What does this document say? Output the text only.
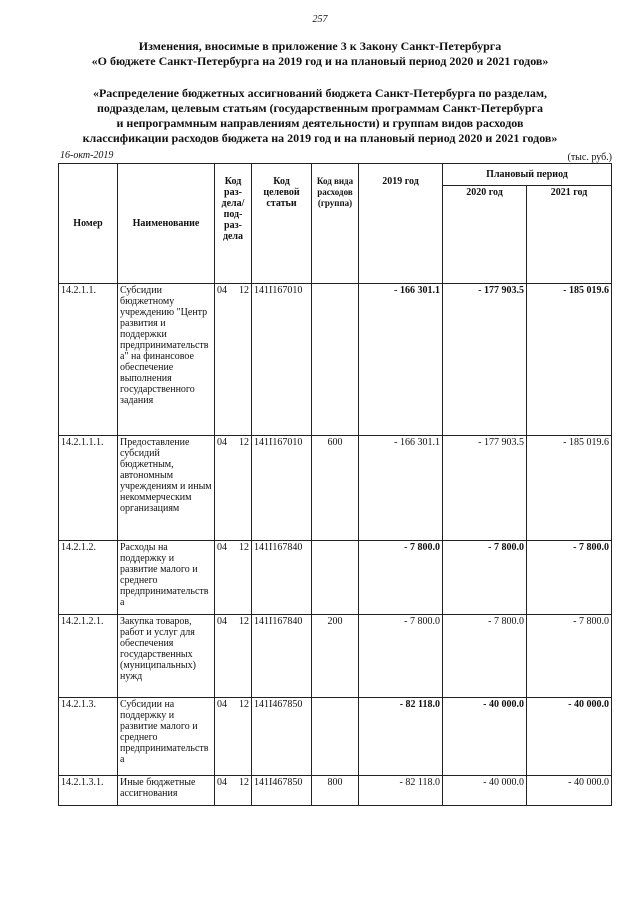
257
Изменения, вносимые в приложение 3 к Закону Санкт-Петербурга
«О бюджете Санкт-Петербурга на 2019 год и на плановый период 2020 и 2021 годов»
«Распределение бюджетных ассигнований бюджета Санкт-Петербурга по разделам,
подразделам, целевым статьям (государственным программам Санкт-Петербурга
и непрограммным направлениям деятельности) и группам видов расходов
классификации расходов бюджета на 2019 год и на плановый период 2020 и 2021 годов»
16-окт-2019	(тыс. руб.)
Номер	Наименование	Код раз-дела/ под-раз-дела	Код целевой статьи	Код вида расходов (группа)	2019 год	Плановый период	
						2020 год	2021 год
14.2.1.1.	Субсидии бюджетному учреждению "Центр развития и поддержки предпринимательства" на финансовое обеспечение выполнения государственного задания	04 12	141I167010		- 166 301.1	- 177 903.5	- 185 019.6
14.2.1.1.1.	Предоставление субсидий бюджетным, автономным учреждениям и иным некоммерческим организациям	04 12	141I167010	600	- 166 301.1	- 177 903.5	- 185 019.6
14.2.1.2.	Расходы на поддержку и развитие малого и среднего предпринимательства	04 12	141I167840		- 7 800.0	- 7 800.0	- 7 800.0
14.2.1.2.1.	Закупка товаров, работ и услуг для обеспечения государственных (муниципальных) нужд	04 12	141I167840	200	- 7 800.0	- 7 800.0	- 7 800.0
14.2.1.3.	Субсидии на поддержку и развитие малого и среднего предпринимательства	04 12	141I467850		- 82 118.0	- 40 000.0	- 40 000.0
14.2.1.3.1.	Иные бюджетные ассигнования	04 12	141I467850	800	- 82 118.0	- 40 000.0	- 40 000.0
